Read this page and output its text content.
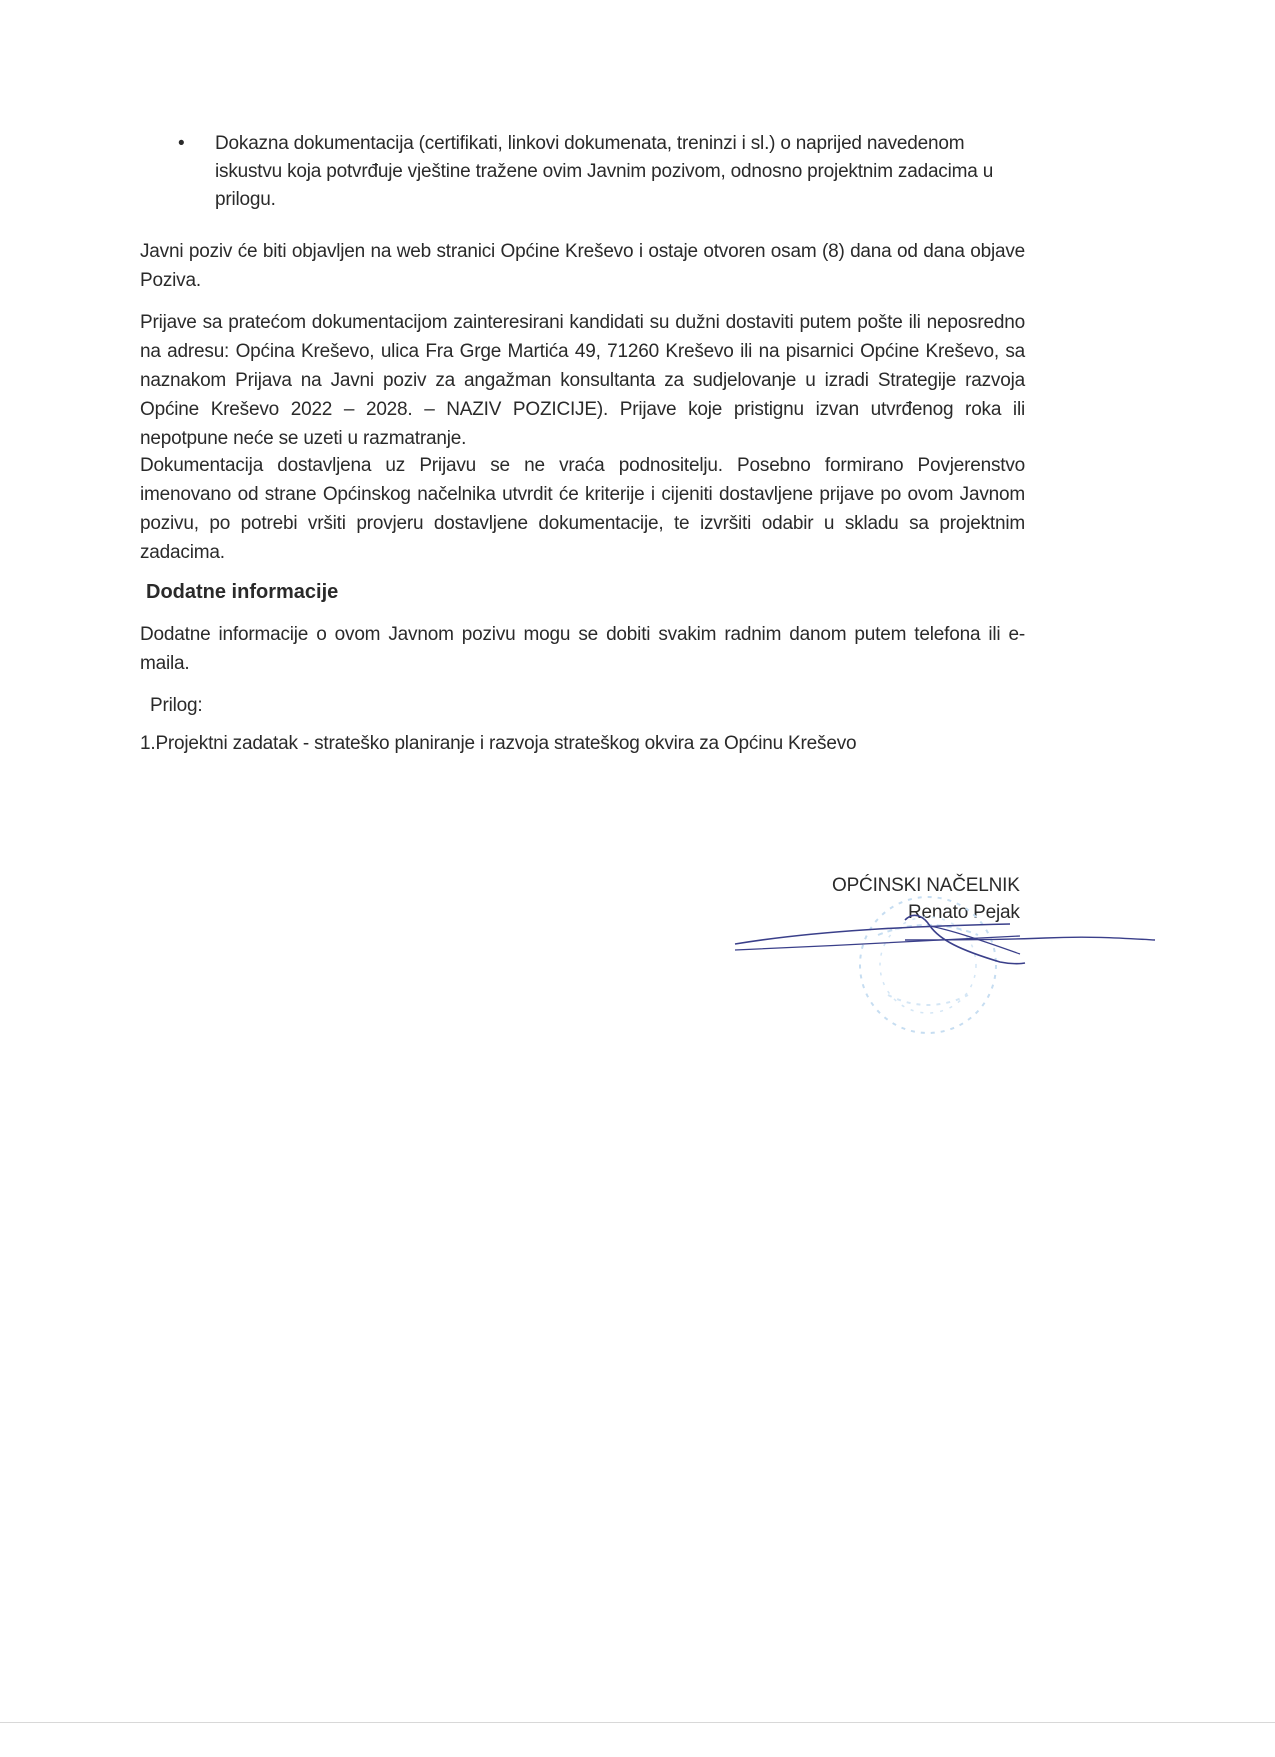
• Dokazna dokumentacija (certifikati, linkovi dokumenata, treninzi i sl.) o naprijed navedenom iskustvu koja potvrđuje vještine tražene ovim Javnim pozivom, odnosno projektnim zadacima u prilogu.
Javni poziv će biti objavljen na web stranici Općine Kreševo i ostaje otvoren osam (8) dana od dana objave Poziva.
Prijave sa pratećom dokumentacijom zainteresirani kandidati su dužni dostaviti putem pošte ili neposredno na adresu: Općina Kreševo, ulica Fra Grge Martića 49, 71260 Kreševo ili na pisarnici Općine Kreševo, sa naznakom Prijava na Javni poziv za angažman konsultanta za sudjelovanje u izradi Strategije razvoja Općine Kreševo 2022 – 2028. – NAZIV POZICIJE). Prijave koje pristignu izvan utvrđenog roka ili nepotpune neće se uzeti u razmatranje.
Dokumentacija dostavljena uz Prijavu se ne vraća podnositelju. Posebno formirano Povjerenstvo imenovano od strane Općinskog načelnika utvrdit će kriterije i cijeniti dostavljene prijave po ovom Javnom pozivu, po potrebi vršiti provjeru dostavljene dokumentacije, te izvršiti odabir u skladu sa projektnim zadacima.
Dodatne informacije
Dodatne informacije o ovom Javnom pozivu mogu se dobiti svakim radnim danom putem telefona ili e-maila.
Prilog:
1.Projektni zadatak - strateško planiranje i razvoja strateškog okvira za Općinu Kreševo
OPĆINSKI NAČELNIK
Renato Pejak
